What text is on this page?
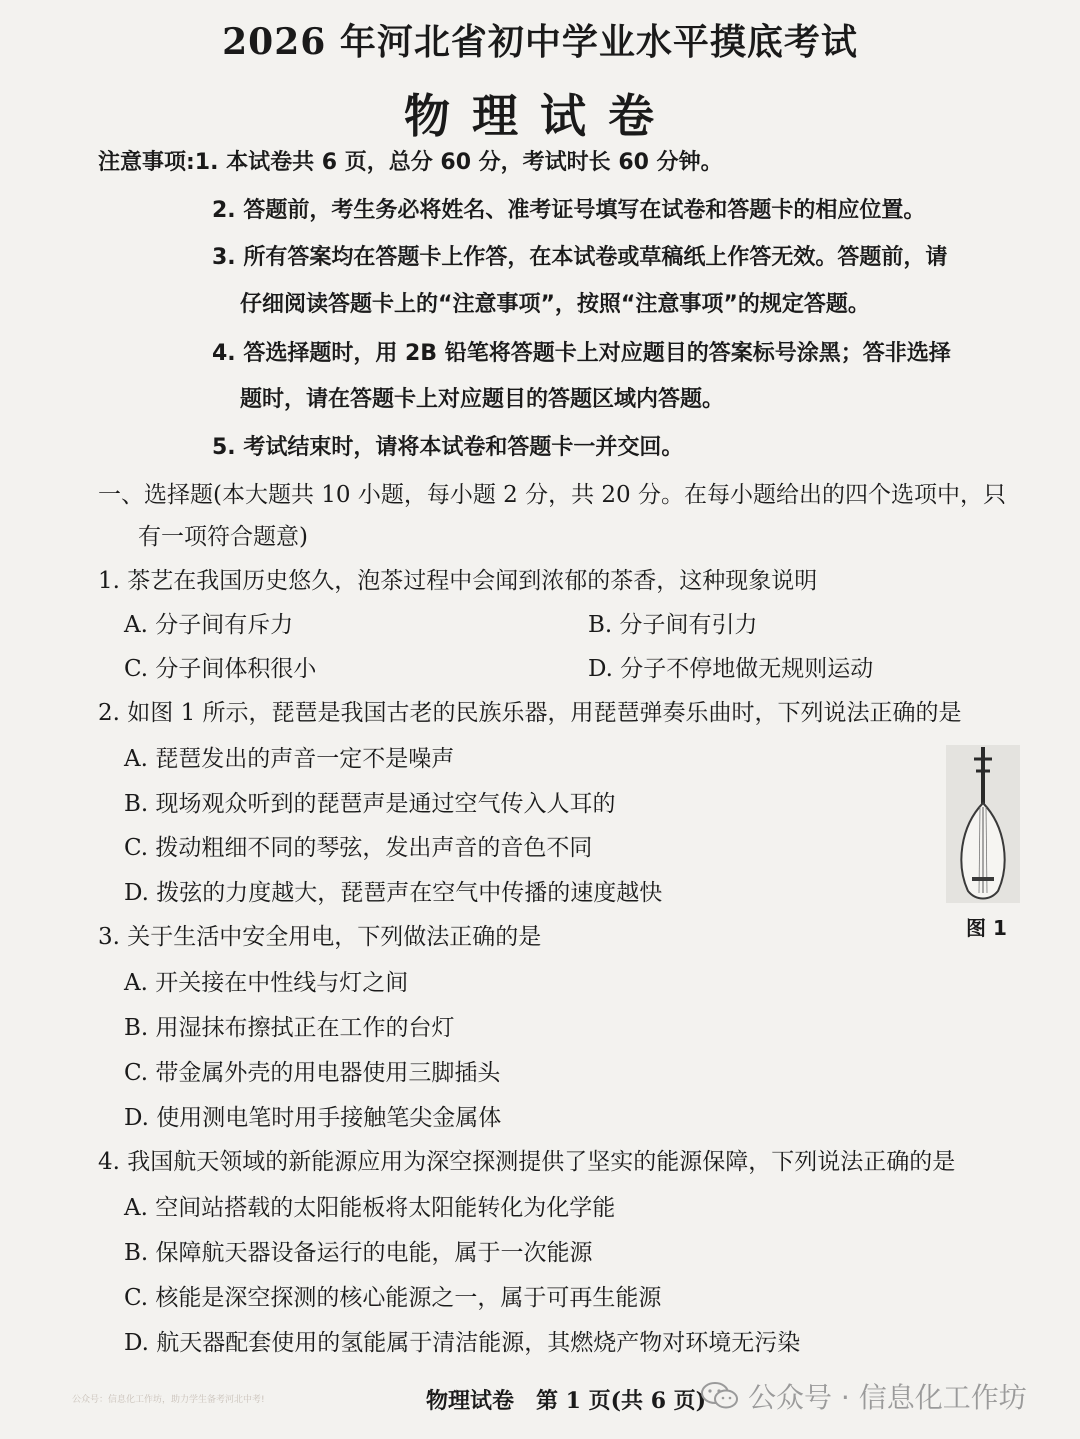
2026 年河北省初中学业水平摸底考试
物理试卷
注意事项:1. 本试卷共 6 页，总分 60 分，考试时长 60 分钟。
2. 答题前，考生务必将姓名、准考证号填写在试卷和答题卡的相应位置。
3. 所有答案均在答题卡上作答，在本试卷或草稿纸上作答无效。答题前，请
仔细阅读答题卡上的“注意事项”，按照“注意事项”的规定答题。
4. 答选择题时，用 2B 铅笔将答题卡上对应题目的答案标号涂黑；答非选择
题时，请在答题卡上对应题目的答题区域内答题。
5. 考试结束时，请将本试卷和答题卡一并交回。
一、选择题(本大题共 10 小题，每小题 2 分，共 20 分。在每小题给出的四个选项中，只
有一项符合题意)
1. 茶艺在我国历史悠久，泡茶过程中会闻到浓郁的茶香，这种现象说明
A. 分子间有斥力	B. 分子间有引力
C. 分子间体积很小	D. 分子不停地做无规则运动
2. 如图 1 所示，琵琶是我国古老的民族乐器，用琵琶弹奏乐曲时，下列说法正确的是
A. 琵琶发出的声音一定不是噪声
B. 现场观众听到的琵琶声是通过空气传入人耳的
C. 拨动粗细不同的琴弦，发出声音的音色不同
D. 拨弦的力度越大，琵琶声在空气中传播的速度越快
图 1
3. 关于生活中安全用电，下列做法正确的是
A. 开关接在中性线与灯之间
B. 用湿抹布擦拭正在工作的台灯
C. 带金属外壳的用电器使用三脚插头
D. 使用测电笔时用手接触笔尖金属体
4. 我国航天领域的新能源应用为深空探测提供了坚实的能源保障，下列说法正确的是
A. 空间站搭载的太阳能板将太阳能转化为化学能
B. 保障航天器设备运行的电能，属于一次能源
C. 核能是深空探测的核心能源之一，属于可再生能源
D. 航天器配套使用的氢能属于清洁能源，其燃烧产物对环境无污染
公众号：信息化工作坊，助力学生备考河北中考!	物理试卷　第 1 页(共 6 页) 公众号 · 信息化工作坊
